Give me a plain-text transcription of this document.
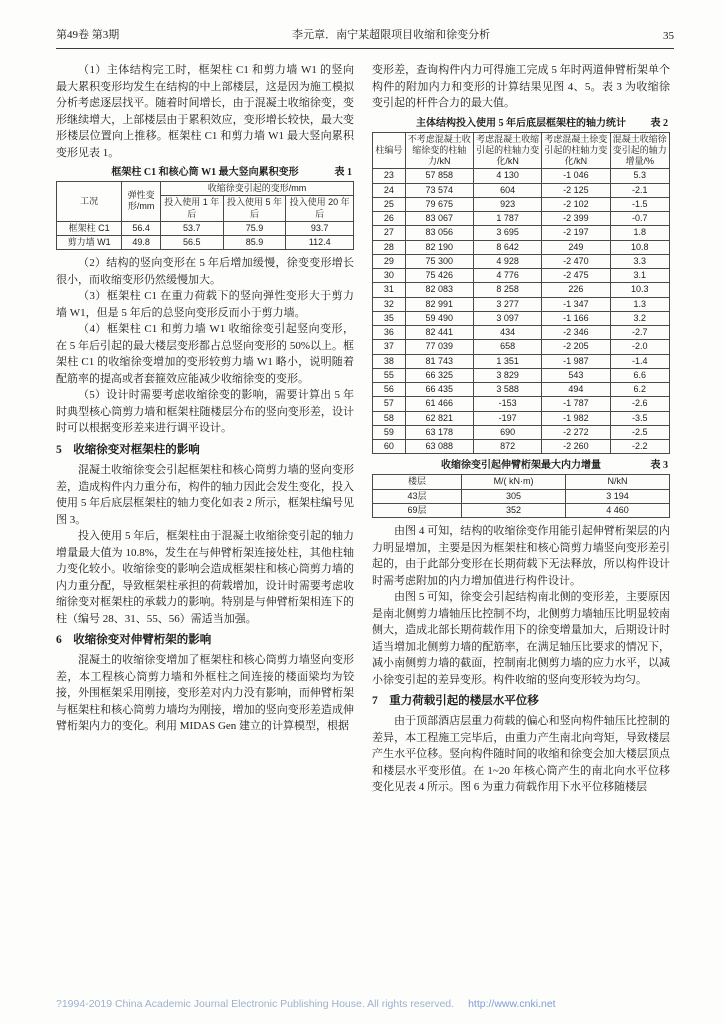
第49卷 第3期	李元章．南宁某超限项目收缩和徐变分析	35

（1）主体结构完工时，框架柱 C1 和剪力墙 W1 的竖向最大累积变形均发生在结构的中上部楼层，这是因为施工模拟分析考虑逐层找平。随着时间增长，由于混凝土收缩徐变，变形继续增大，上部楼层由于累积效应，变形增长较快，最大变形楼层位置向上推移。框架柱 C1 和剪力墙 W1 最大竖向累积变形见表 1。

框架柱 C1 和核心筒 W1 最大竖向累积变形	表 1
工况	弹性变形/mm	收缩徐变引起的变形/mm		
		投入使用 1 年后	投入使用 5 年后	投入使用 20 年后
框架柱 C1	56.4	53.7	75.9	93.7
剪力墙 W1	49.8	56.5	85.9	112.4

（2）结构的竖向变形在 5 年后增加缓慢，徐变变形增长很小，而收缩变形仍然缓慢加大。

（3）框架柱 C1 在重力荷载下的竖向弹性变形大于剪力墙 W1，但是 5 年后的总竖向变形反而小于剪力墙。

（4）框架柱 C1 和剪力墙 W1 收缩徐变引起竖向变形，在 5 年后引起的最大楼层变形都占总竖向变形的 50%以上。框架柱 C1 的收缩徐变增加的变形较剪力墙 W1 略小，说明随着配筋率的提高或者套箍效应能减少收缩徐变的变形。

（5）设计时需要考虑收缩徐变的影响，需要计算出 5 年时典型核心筒剪力墙和框架柱随楼层分布的竖向变形差，设计时可以根据变形差来进行调平设计。

5　收缩徐变对框架柱的影响

混凝土收缩徐变会引起框架柱和核心筒剪力墙的竖向变形差，造成构件内力重分布，构件的轴力因此会发生变化，投入使用 5 年后底层框架柱的轴力变化如表 2 所示，框架柱编号见图 3。

投入使用 5 年后，框架柱由于混凝土收缩徐变引起的轴力增量最大值为 10.8%，发生在与伸臂桁架连接处柱，其他柱轴力变化较小。收缩徐变的影响会造成框架柱和核心筒剪力墙的内力重分配，导致框架柱承担的荷载增加，设计时需要考虑收缩徐变对框架柱的承载力的影响。特别是与伸臂桁架相连下的柱（编号 28、31、55、56）需适当加强。

6　收缩徐变对伸臂桁架的影响

混凝土的收缩徐变增加了框架柱和核心筒剪力墙竖向变形差，本工程核心筒剪力墙和外框柱之间连接的楼面梁均为铰接，外围框架采用刚接，变形差对内力没有影响，而伸臂桁架与框架柱和核心筒剪力墙均为刚接，增加的竖向变形差造成伸臂桁架内力的变化。利用 MIDAS Gen 建立的计算模型，根据

变形差，查询构件内力可得施工完成 5 年时两道伸臂桁架单个构件的附加内力和变形的计算结果见图 4、5。表 3 为收缩徐变引起的杆件合力的最大值。

主体结构投入使用 5 年后底层框架柱的轴力统计 表 2
柱编号	不考虑混凝土收缩徐变的柱轴力/kN	考虑混凝土收缩引起的柱轴力变化/kN	考虑混凝土徐变引起的柱轴力变化/kN	混凝土收缩徐变引起的轴力增量/%
23	57 858	4 130	-1 046	5.3
24	73 574	604	-2 125	-2.1
25	79 675	923	-2 102	-1.5
26	83 067	1 787	-2 399	-0.7
27	83 056	3 695	-2 197	1.8
28	82 190	8 642	249	10.8
29	75 300	4 928	-2 470	3.3
30	75 426	4 776	-2 475	3.1
31	82 083	8 258	226	10.3
32	82 991	3 277	-1 347	1.3
35	59 490	3 097	-1 166	3.2
36	82 441	434	-2 346	-2.7
37	77 039	658	-2 205	-2.0
38	81 743	1 351	-1 987	-1.4
55	66 325	3 829	543	6.6
56	66 435	3 588	494	6.2
57	61 466	-153	-1 787	-2.6
58	62 821	-197	-1 982	-3.5
59	63 178	690	-2 272	-2.5
60	63 088	872	-2 260	-2.2
收缩徐变引起伸臂桁架最大内力增量	表 3
楼层	M/( kN·m)	N/kN
43层	305	3 194
69层	352	4 460

由图 4 可知，结构的收缩徐变作用能引起伸臂桁架层的内力明显增加，主要是因为框架柱和核心筒剪力墙竖向变形差引起的，由于此部分变形在长期荷载下无法释放，所以构件设计时需考虑附加的内力增加值进行构件设计。

由图 5 可知，徐变会引起结构南北侧的变形差，主要原因是南北侧剪力墙轴压比控制不均，北侧剪力墙轴压比明显较南侧大，造成北部长期荷载作用下的徐变增量加大，后期设计时适当增加北侧剪力墙的配筋率，在满足轴压比要求的情况下，减小南侧剪力墙的截面，控制南北侧剪力墙的应力水平，以减小徐变引起的差异变形。构件收缩的竖向变形较为均匀。

7　重力荷载引起的楼层水平位移

由于顶部酒店层重力荷载的偏心和竖向构件轴压比控制的差异，本工程施工完毕后，由重力产生南北向弯矩，导致楼层产生水平位移。竖向构件随时间的收缩和徐变会加大楼层顶点和楼层水平变形值。在 1~20 年核心筒产生的南北向水平位移变化见表 4 所示。图 6 为重力荷载作用下水平位移随楼层

?1994-2019 China Academic Journal Electronic Publishing House. All rights reserved. http://www.cnki.net
